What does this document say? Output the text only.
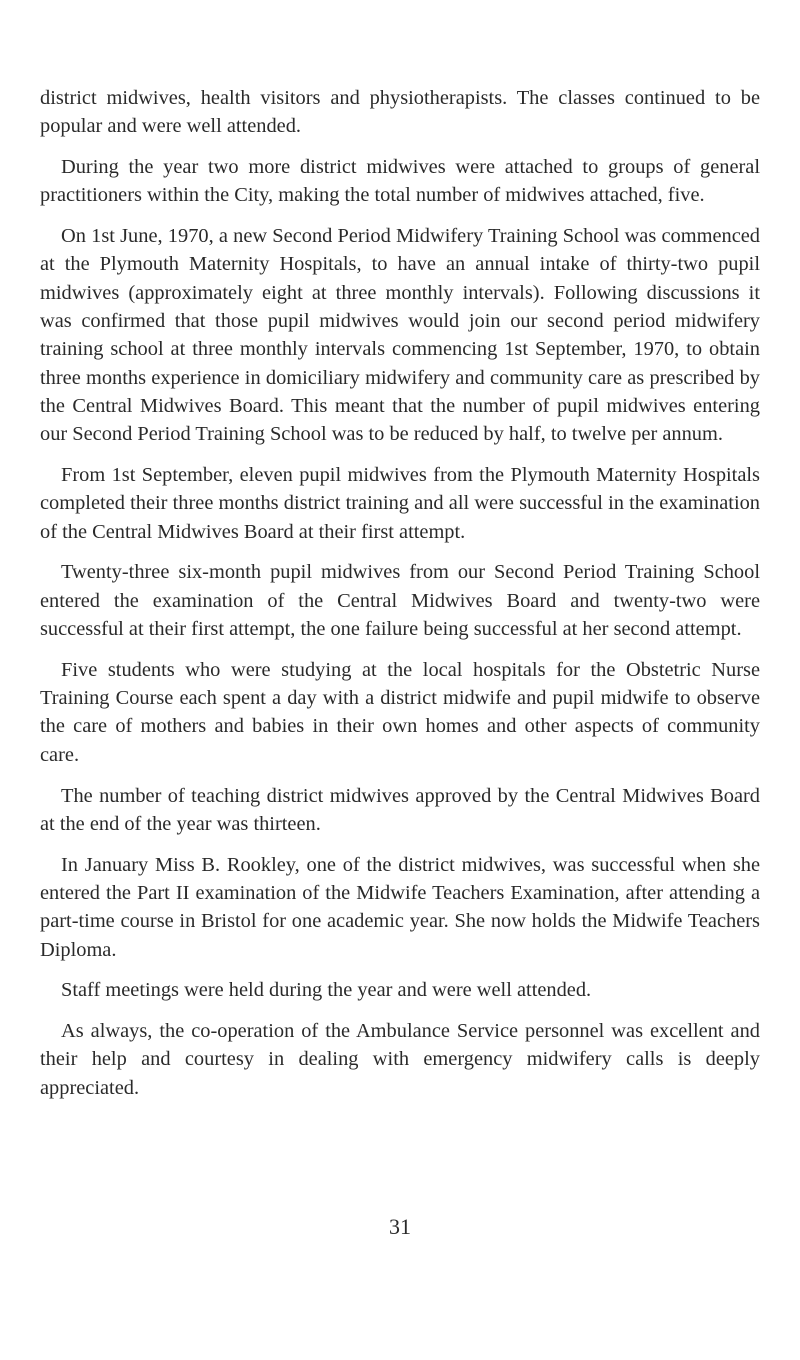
district midwives, health visitors and physiotherapists. The classes continued to be popular and were well attended.

During the year two more district midwives were attached to groups of general practitioners within the City, making the total number of midwives attached, five.

On 1st June, 1970, a new Second Period Midwifery Training School was commenced at the Plymouth Maternity Hospitals, to have an annual intake of thirty-two pupil midwives (approximately eight at three monthly intervals). Following discussions it was confirmed that those pupil midwives would join our second period midwifery training school at three monthly intervals commencing 1st September, 1970, to obtain three months experience in domiciliary midwifery and community care as prescribed by the Central Midwives Board. This meant that the number of pupil midwives entering our Second Period Training School was to be reduced by half, to twelve per annum.

From 1st September, eleven pupil midwives from the Plymouth Maternity Hospitals completed their three months district training and all were successful in the examination of the Central Midwives Board at their first attempt.

Twenty-three six-month pupil midwives from our Second Period Training School entered the examination of the Central Midwives Board and twenty-two were successful at their first attempt, the one failure being successful at her second attempt.

Five students who were studying at the local hospitals for the Obstetric Nurse Training Course each spent a day with a district midwife and pupil midwife to observe the care of mothers and babies in their own homes and other aspects of community care.

The number of teaching district midwives approved by the Central Midwives Board at the end of the year was thirteen.

In January Miss B. Rookley, one of the district midwives, was successful when she entered the Part II examination of the Midwife Teachers Examination, after attending a part-time course in Bristol for one academic year. She now holds the Midwife Teachers Diploma.

Staff meetings were held during the year and were well attended.

As always, the co-operation of the Ambulance Service personnel was excellent and their help and courtesy in dealing with emergency midwifery calls is deeply appreciated.

31
